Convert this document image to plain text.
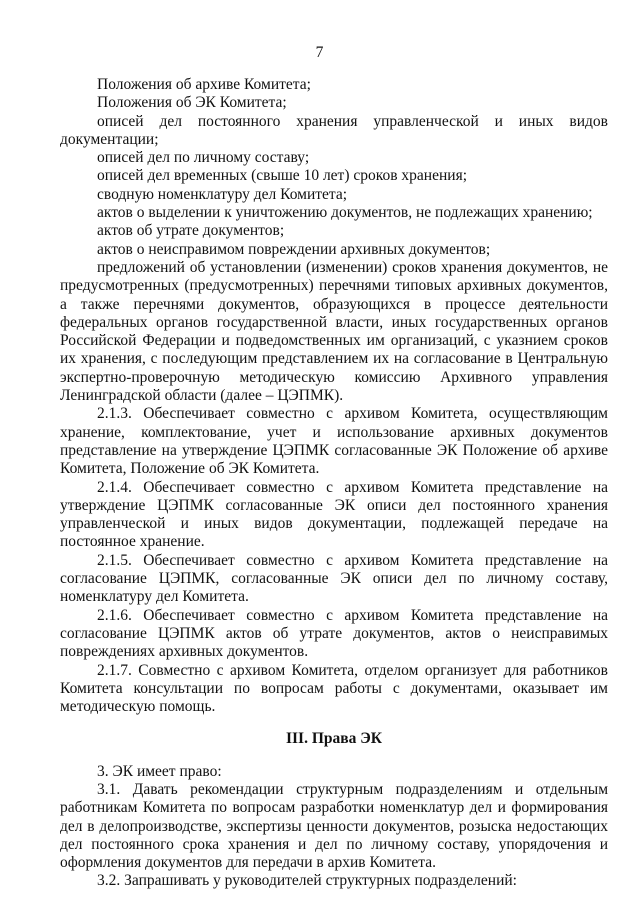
7

Положения об архиве Комитета;

Положения об ЭК Комитета;

описей дел постоянного хранения управленческой и иных видов документации;

описей дел по личному составу;

описей дел временных (свыше 10 лет) сроков хранения;

сводную номенклатуру дел Комитета;

актов о выделении к уничтожению документов, не подлежащих хранению;

актов об утрате документов;

актов о неисправимом повреждении архивных документов;

предложений об установлении (изменении) сроков хранения документов, не предусмотренных (предусмотренных) перечнями типовых архивных документов, а также перечнями документов, образующихся в процессе деятельности федеральных органов государственной власти, иных государственных органов Российской Федерации и подведомственных им организаций, с указнием сроков их хранения, с последующим представлением их на согласование в Центральную экспертно-проверочную методическую комиссию Архивного управления Ленинградской области (далее – ЦЭПМК).

2.1.3. Обеспечивает совместно с архивом Комитета, осуществляющим хранение, комплектование, учет и использование архивных документов представление на утверждение ЦЭПМК согласованные ЭК Положение об архиве Комитета, Положение об ЭК Комитета.

2.1.4. Обеспечивает совместно с архивом Комитета представление на утверждение ЦЭПМК согласованные ЭК описи дел постоянного хранения управленческой и иных видов документации, подлежащей передаче на постоянное хранение.

2.1.5. Обеспечивает совместно с архивом Комитета представление на согласование ЦЭПМК, согласованные ЭК описи дел по личному составу, номенклатуру дел Комитета.

2.1.6. Обеспечивает совместно с архивом Комитета представление на согласование ЦЭПМК актов об утрате документов, актов о неисправимых повреждениях архивных документов.

2.1.7. Совместно с архивом Комитета, отделом организует для работников Комитета консультации по вопросам работы с документами, оказывает им методическую помощь.

III. Права ЭК

3. ЭК имеет право:

3.1. Давать рекомендации структурным подразделениям и отдельным работникам Комитета по вопросам разработки номенклатур дел и формирования дел в делопроизводстве, экспертизы ценности документов, розыска недостающих дел постоянного срока хранения и дел по личному составу, упорядочения и оформления документов для передачи в архив Комитета.

3.2. Запрашивать у руководителей структурных подразделений:
